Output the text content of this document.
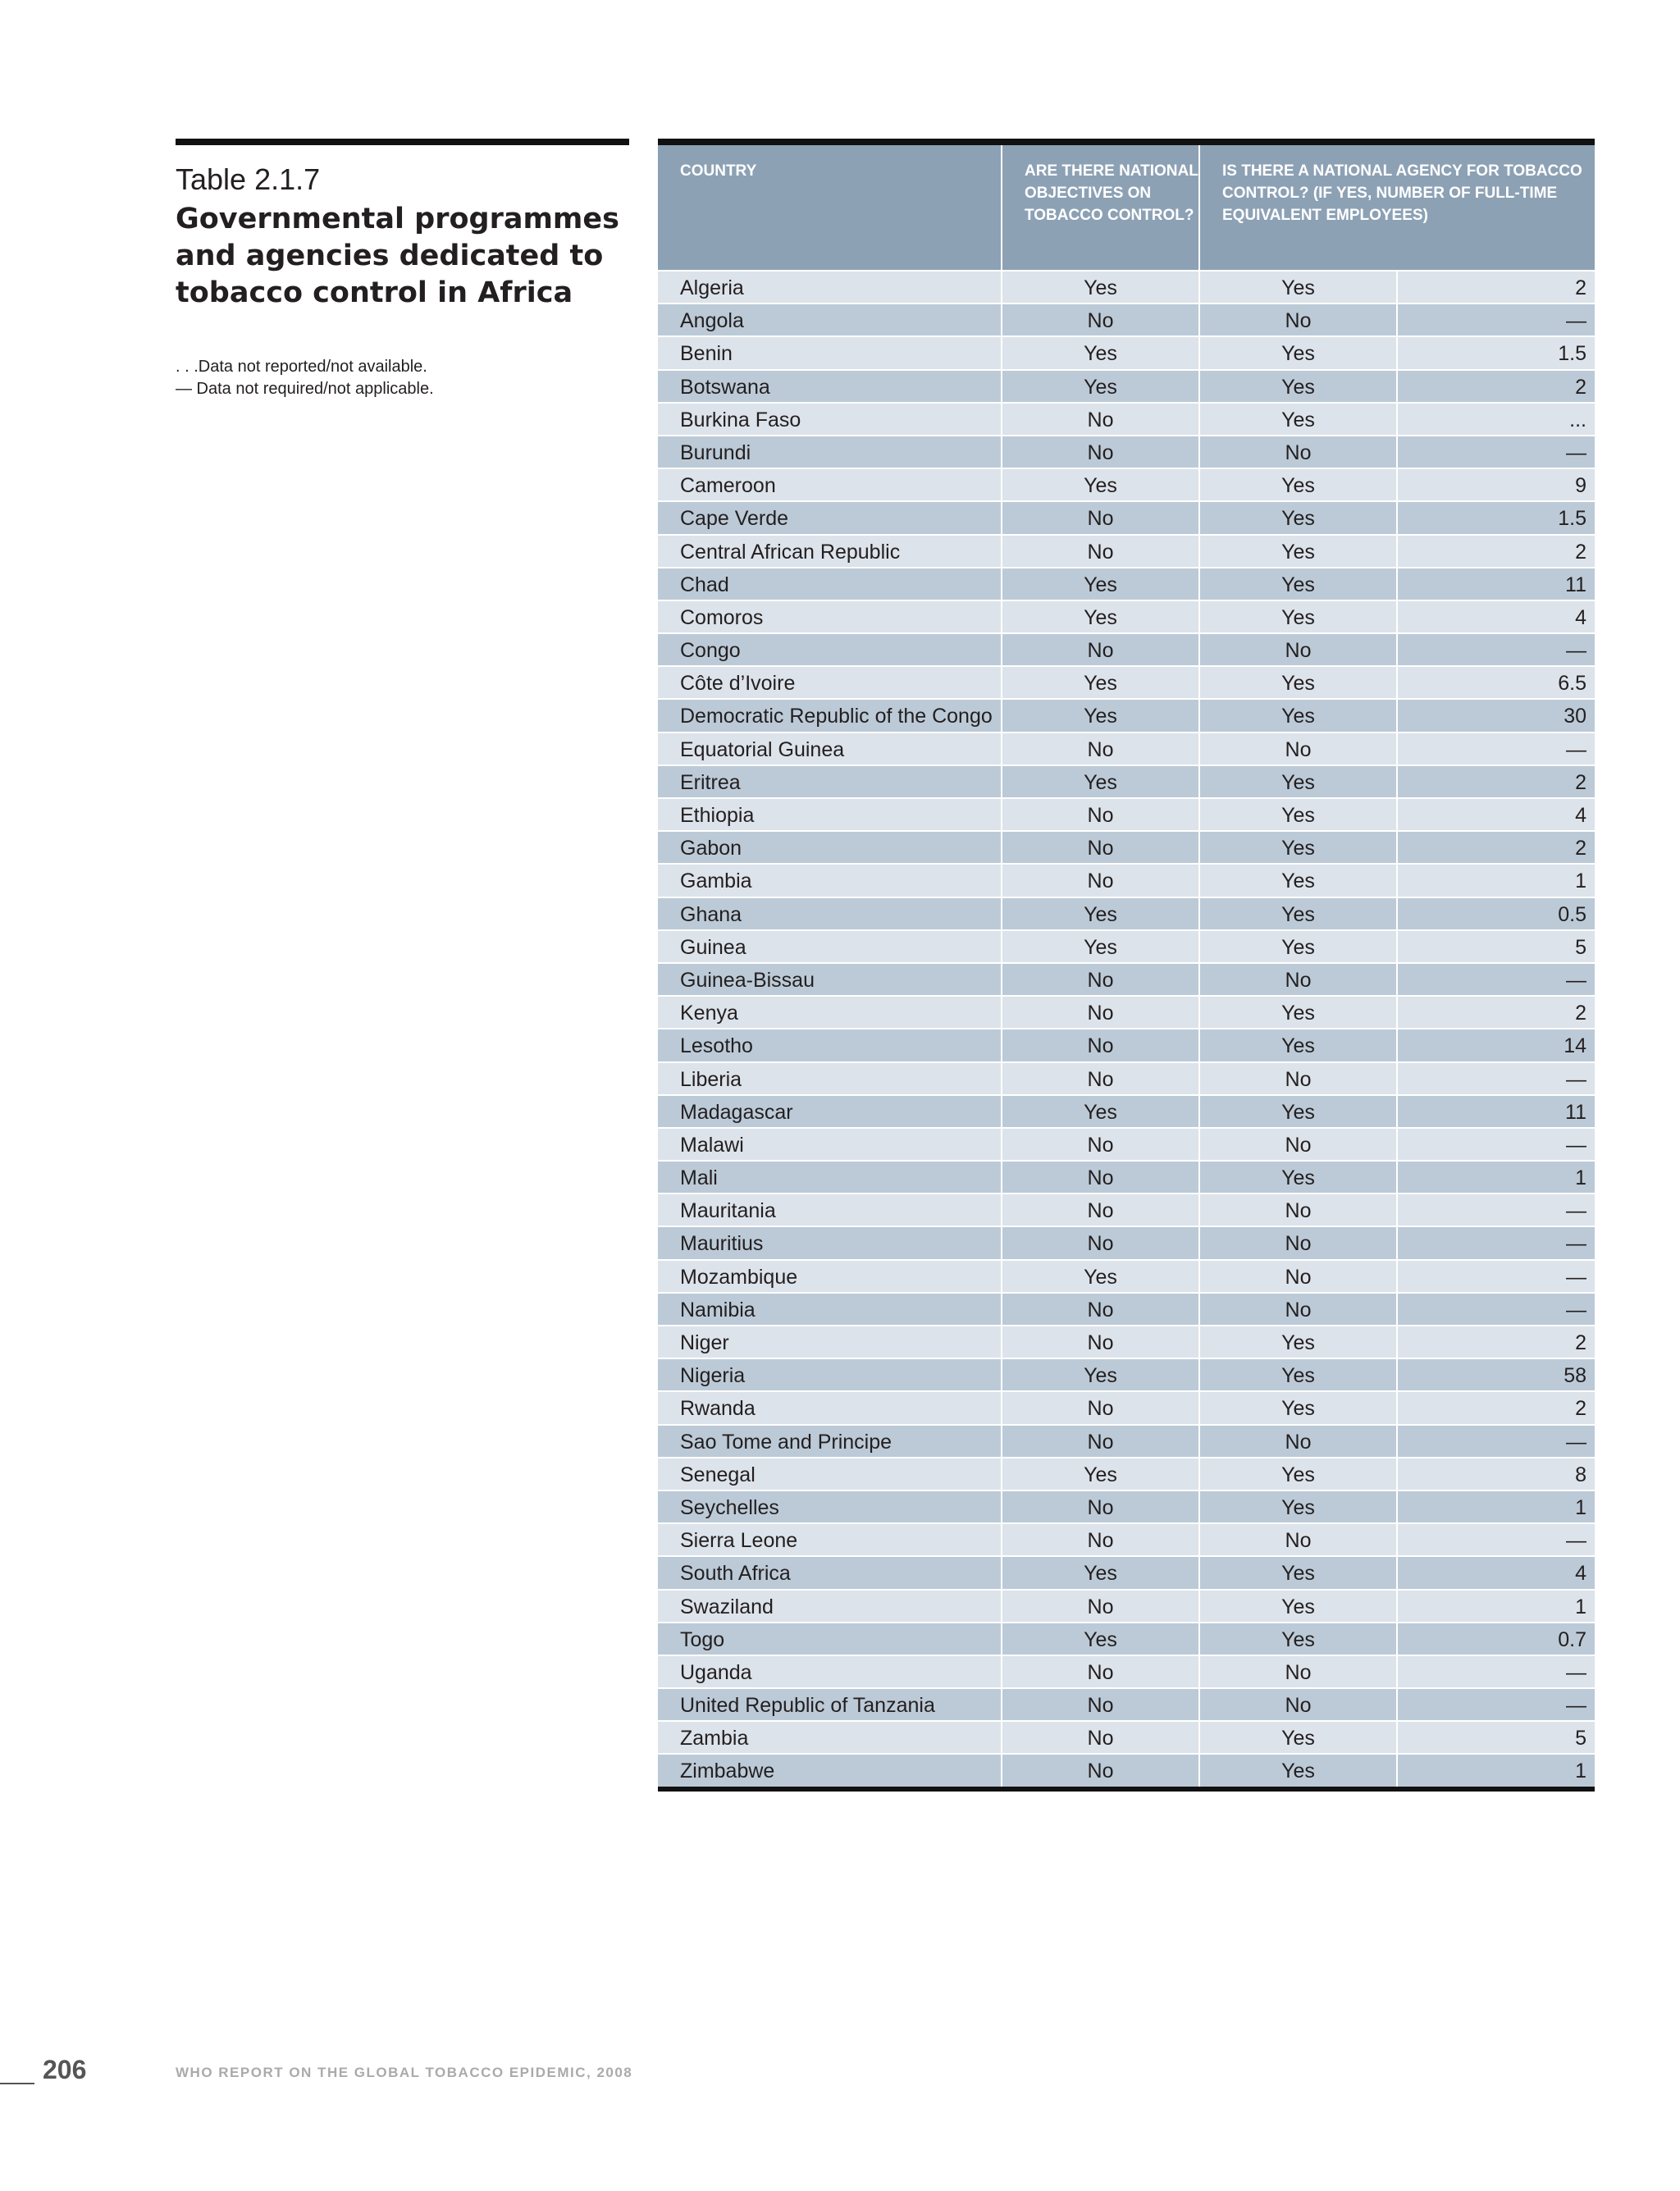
Table 2.1.7
Governmental programmes and agencies dedicated to tobacco control in Africa
. . .Data not reported/not available.
— Data not required/not applicable.
COUNTRY	ARE THERE NATIONAL OBJECTIVES ON TOBACCO CONTROL?
IS THERE A NATIONAL AGENCY FOR TOBACCO CONTROL? (IF YES, NUMBER OF FULL-TIME EQUIVALENT EMPLOYEES)
Algeria	Yes	Yes	2
Angola	No	No	—
Benin	Yes	Yes	1.5
Botswana	Yes	Yes	2
Burkina Faso	No	Yes	...
Burundi	No	No	—
Cameroon	Yes	Yes	9
Cape Verde	No	Yes	1.5
Central African Republic	No	Yes	2
Chad	Yes	Yes	11
Comoros	Yes	Yes	4
Congo	No	No	—
Côte d’Ivoire	Yes	Yes	6.5
Democratic Republic of the Congo	Yes	Yes	30
Equatorial Guinea	No	No	—
Eritrea	Yes	Yes	2
Ethiopia	No	Yes	4
Gabon	No	Yes	2
Gambia	No	Yes	1
Ghana	Yes	Yes	0.5
Guinea	Yes	Yes	5
Guinea-Bissau	No	No	—
Kenya	No	Yes	2
Lesotho	No	Yes	14
Liberia	No	No	—
Madagascar	Yes	Yes	11
Malawi	No	No	—
Mali	No	Yes	1
Mauritania	No	No	—
Mauritius	No	No	—
Mozambique	Yes	No	—
Namibia	No	No	—
Niger	No	Yes	2
Nigeria	Yes	Yes	58
Rwanda	No	Yes	2
Sao Tome and Principe	No	No	—
Senegal	Yes	Yes	8
Seychelles	No	Yes	1
Sierra Leone	No	No	—
South Africa	Yes	Yes	4
Swaziland	No	Yes	1
Togo	Yes	Yes	0.7
Uganda	No	No	—
United Republic of Tanzania	No	No	—
Zambia	No	Yes	5
Zimbabwe	No	Yes	1
206	WHO REPORT ON THE GLOBAL TOBACCO EPIDEMIC, 2008
